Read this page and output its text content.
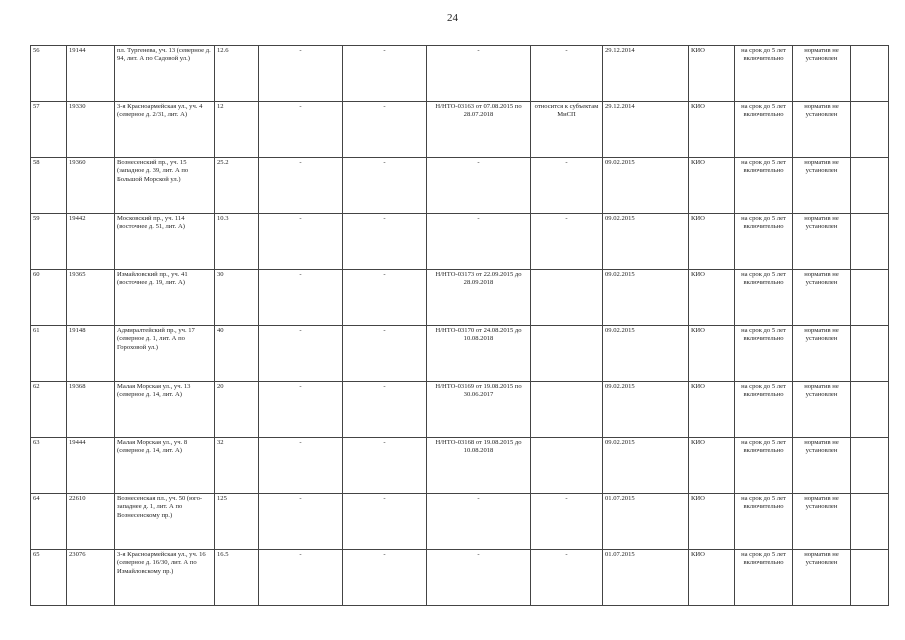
24
56	19144	пл. Тургенева, уч. 13 (северное д. 94, лит. А по Садовой ул.)	12.6	-	-	-	-	29.12.2014	КИО	на срок до 5 лет включительно	норматив не установлен	
57	19330	3-я Красноармейская ул., уч. 4 (северное д. 2/31, лит. А)	12	-	-	Н/НТО-03163 от 07.08.2015 по 28.07.2018	относится к субъектам МиСП	29.12.2014	КИО	на срок до 5 лет включительно	норматив не установлен	
58	19360	Вознесенский пр., уч. 15 (западное д. 39, лит. А по Большой Морской ул.)	25.2	-	-	-	-	09.02.2015	КИО	на срок до 5 лет включительно	норматив не установлен	
59	19442	Московский пр., уч. 114 (восточнее д. 51, лит. А)	10.3	-	-	-	-	09.02.2015	КИО	на срок до 5 лет включительно	норматив не установлен	
60	19365	Измайловский пр., уч. 41 (восточнее д. 19, лит. А)	30	-	-	Н/НТО-03173 от 22.09.2015 до 28.09.2018		09.02.2015	КИО	на срок до 5 лет включительно	норматив не установлен	
61	19148	Адмиралтейский пр., уч. 17 (северное д. 1, лит. А по Гороховой ул.)	40	-	-	Н/НТО-03170 от 24.08.2015 до 10.08.2018		09.02.2015	КИО	на срок до 5 лет включительно	норматив не установлен	
62	19368	Малая Морская ул., уч. 13 (северное д. 14, лит. А)	20	-	-	Н/НТО-03169 от 19.08.2015 по 30.06.2017		09.02.2015	КИО	на срок до 5 лет включительно	норматив не установлен	
63	19444	Малая Морская ул., уч. 8 (северное д. 14, лит. А)	32	-	-	Н/НТО-03168 от 19.08.2015 до 10.08.2018		09.02.2015	КИО	на срок до 5 лет включительно	норматив не установлен	
64	22610	Вознесенская пл., уч. 50 (юго-западнее д. 1, лит. А по Вознесенскому пр.)	125	-	-	-	-	01.07.2015	КИО	на срок до 5 лет включительно	норматив не установлен	
65	23076	3-я Красноармейская ул., уч. 16 (северное д. 16/30, лит. А по Измайловскому пр.)	16.5	-	-	-	-	01.07.2015	КИО	на срок до 5 лет включительно	норматив не установлен	
